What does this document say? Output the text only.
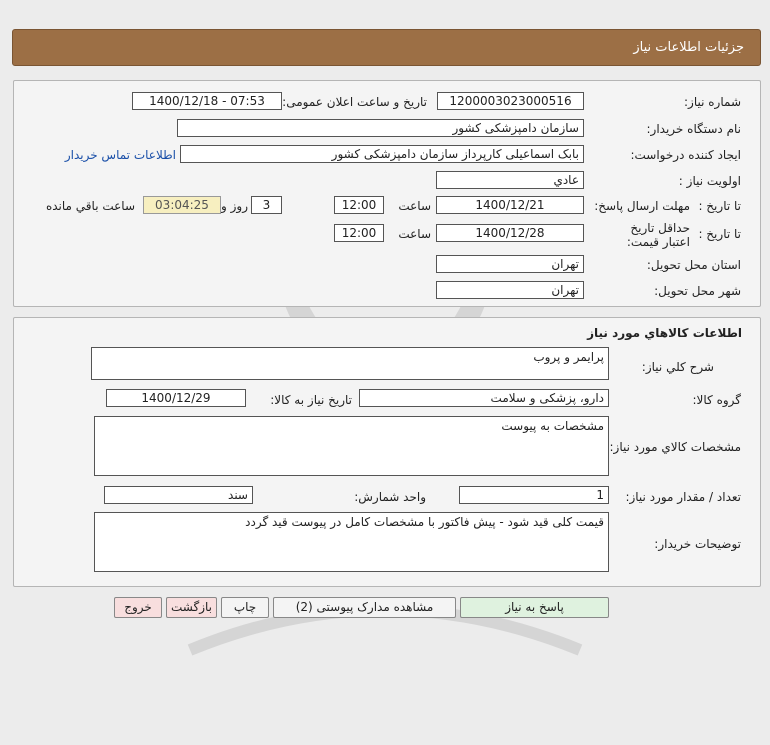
جزئیات اطلاعات نیاز
شماره نیاز:
1200003023000516
تاریخ و ساعت اعلان عمومی:
1400/12/18 - 07:53
نام دستگاه خریدار:
سازمان دامپزشکی کشور
ایجاد کننده درخواست:
بابک اسماعیلی کارپرداز سازمان دامپزشکی کشور
اطلاعات تماس خریدار
اولویت نیاز :
عادي
مهلت ارسال پاسخ: تا تاریخ :
1400/12/21
ساعت
12:00
3
روز و
03:04:25
ساعت باقي مانده
حداقل تاریخ اعتبار قیمت:
تا تاریخ :
1400/12/28
ساعت
12:00
استان محل تحویل:
تهران
شهر محل تحویل:
تهران
اطلاعات کالاهاي مورد نياز
شرح کلي نياز:
پرایمر و پروب
گروه کالا:
دارو، پزشکی و سلامت
تاریخ نیاز به کالا:
1400/12/29
مشخصات کالاي مورد نياز:
مشخصات به پیوست
تعداد / مقدار مورد نیاز:
1
واحد شمارش:
سند
توضیحات خریدار:
قیمت کلی قید شود - پیش فاکتور با مشخصات کامل در پیوست قید گردد
پاسخ به نياز
مشاهده مدارک پیوستی (2)
چاپ
بازگشت
خروج
